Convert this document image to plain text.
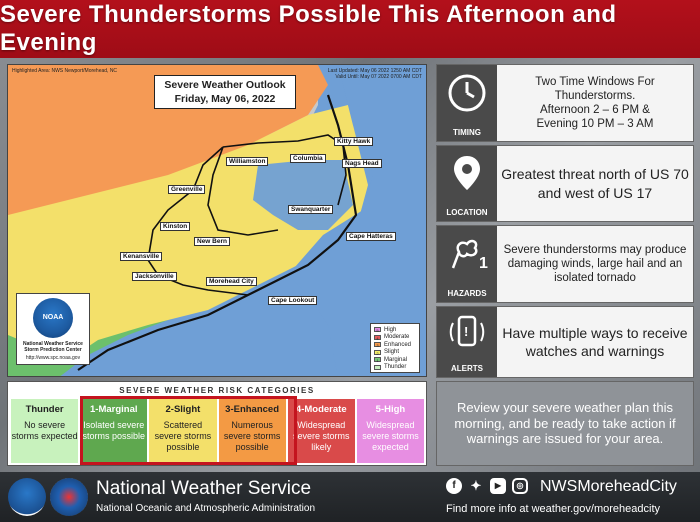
Severe Thunderstorms Possible This Afternoon and Evening
Highlighted Area: NWS Newport/Morehead, NC	Last Updated: May 06 2022 1250 AM CDT
Valid Until: May 07 2022 0700 AM CDT
Severe Weather Outlook
Friday, May 06, 2022
Kitty Hawk
Williamston	Columbia
Nags Head
Greenville
Swanquarter
Kinston
New Bern
Cape Hatteras
Kenansville
Jacksonville
Morehead City
Cape Lookout
NOAA
National Weather Service
Storm Prediction Center
http://www.spc.noaa.gov
5 High
4 Moderate
3 Enhanced
2 Slight
1 Marginal
Thunder
SEVERE WEATHER RISK CATEGORIES
Thunder
No severe storms expected
1-Marginal
Isolated severe storms possible
2-Slight
Scattered severe storms possible
3-Enhanced
Numerous severe storms possible
4-Moderate
Widespread severe storms likely
5-High
Widespread severe storms expected
TIMING
Two Time Windows For Thunderstorms.
Afternoon 2 – 6 PM &
Evening 10 PM – 3 AM
LOCATION
Greatest threat north of US 70
and west of US 17
1
HAZARDS
Severe thunderstorms may produce damaging winds, large hail and an isolated tornado
!
ALERTS
Have multiple ways to receive watches and warnings
Review your severe weather plan this morning, and be ready to take action if warnings are issued for your area.
National Weather Service
National Oceanic and Atmospheric Administration
f	✦	▶	◎ NWSMoreheadCity
Find more info at weather.gov/moreheadcity
